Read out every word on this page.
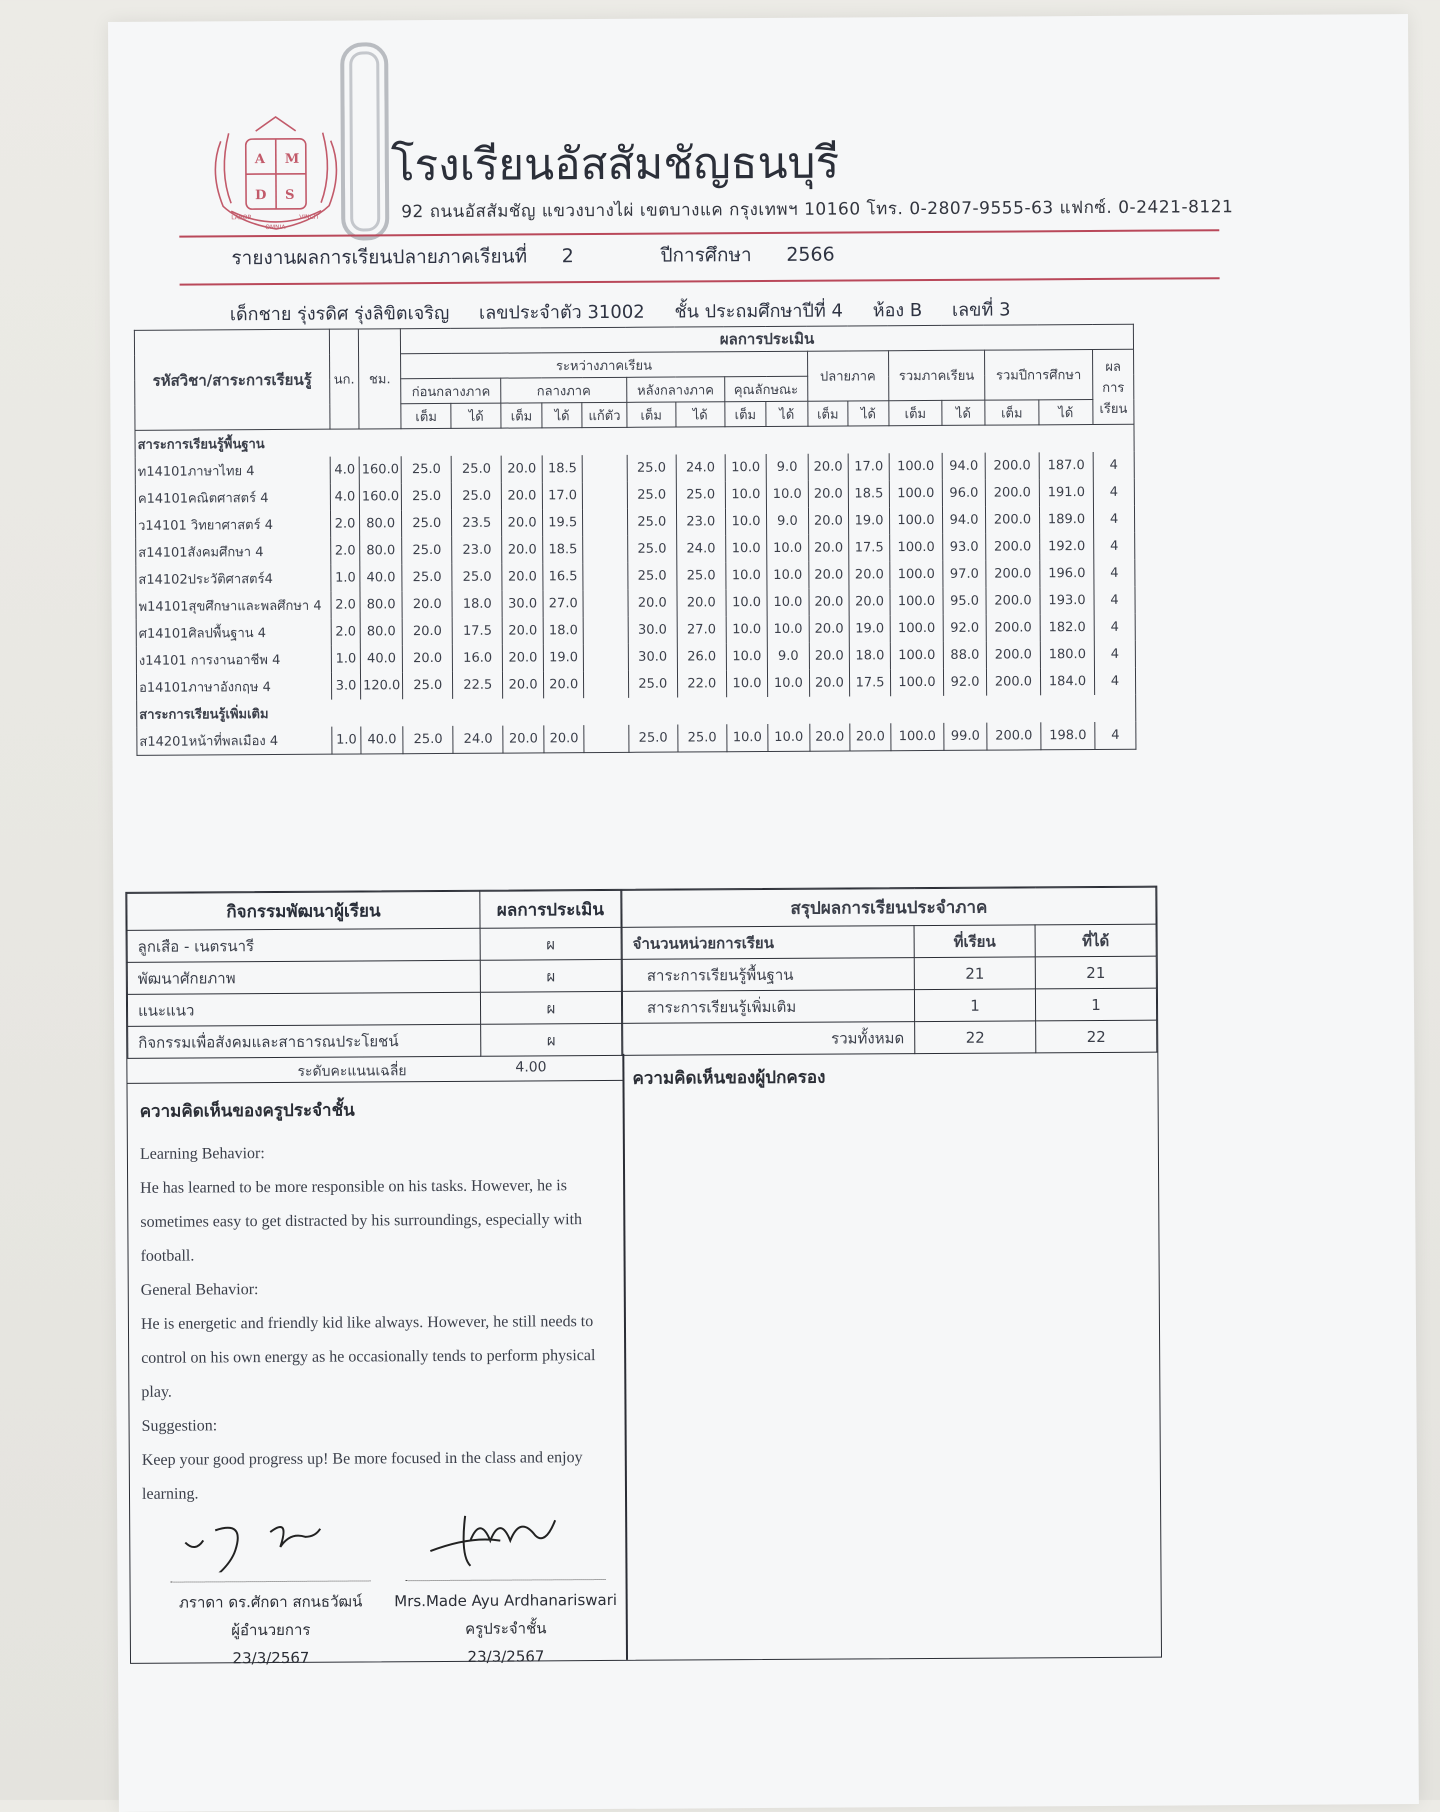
A M
D S
LABOR
OMNIA
VINCIT
โรงเรียนอัสสัมชัญธนบุรี
92 ถนนอัสสัมชัญ แขวงบางไผ่ เขตบางแค กรุงเทพฯ 10160 โทร. 0-2807-9555-63 แฟกซ์. 0-2421-8121
รายงานผลการเรียนปลายภาคเรียนที่ 2	ปีการศึกษา 2566
เด็กชาย รุ่งรดิศ รุ่งลิขิตเจริญ เลขประจำตัว 31002 ชั้น ประถมศึกษาปีที่ 4 ห้อง B เลขที่ 3
รหัสวิชา/สาระการเรียนรู้	นก.	ชม.	ผลการประเมิน															
			ระหว่างภาคเรียน									ปลายภาค		รวมภาคเรียน		รวมปีการศึกษา		ผลการเรียน
			ก่อนกลางภาค		กลางภาค			หลังกลางภาค		คุณลักษณะ								
			เต็ม	ได้	เต็ม	ได้	แก้ตัว	เต็ม	ได้	เต็ม	ได้	เต็ม	ได้	เต็ม	ได้	เต็ม	ได้	
สาระการเรียนรู้พื้นฐาน																		
ท14101ภาษาไทย 4	4.0	160.0	25.0	25.0	20.0	18.5		25.0	24.0	10.0	9.0	20.0	17.0	100.0	94.0	200.0	187.0	4
ค14101คณิตศาสตร์ 4	4.0	160.0	25.0	25.0	20.0	17.0		25.0	25.0	10.0	10.0	20.0	18.5	100.0	96.0	200.0	191.0	4
ว14101 วิทยาศาสตร์ 4	2.0	80.0	25.0	23.5	20.0	19.5		25.0	23.0	10.0	9.0	20.0	19.0	100.0	94.0	200.0	189.0	4
ส14101สังคมศึกษา 4	2.0	80.0	25.0	23.0	20.0	18.5		25.0	24.0	10.0	10.0	20.0	17.5	100.0	93.0	200.0	192.0	4
ส14102ประวัติศาสตร์4	1.0	40.0	25.0	25.0	20.0	16.5		25.0	25.0	10.0	10.0	20.0	20.0	100.0	97.0	200.0	196.0	4
พ14101สุขศึกษาและพลศึกษา 4	2.0	80.0	20.0	18.0	30.0	27.0		20.0	20.0	10.0	10.0	20.0	20.0	100.0	95.0	200.0	193.0	4
ศ14101ศิลปพื้นฐาน 4	2.0	80.0	20.0	17.5	20.0	18.0		30.0	27.0	10.0	10.0	20.0	19.0	100.0	92.0	200.0	182.0	4
ง14101 การงานอาชีพ 4	1.0	40.0	20.0	16.0	20.0	19.0		30.0	26.0	10.0	9.0	20.0	18.0	100.0	88.0	200.0	180.0	4
อ14101ภาษาอังกฤษ 4	3.0	120.0	25.0	22.5	20.0	20.0		25.0	22.0	10.0	10.0	20.0	17.5	100.0	92.0	200.0	184.0	4
สาระการเรียนรู้เพิ่มเติม																		
ส14201หน้าที่พลเมือง 4	1.0	40.0	25.0	24.0	20.0	20.0		25.0	25.0	10.0	10.0	20.0	20.0	100.0	99.0	200.0	198.0	4
กิจกรรมพัฒนาผู้เรียน	ผลการประเมิน
ลูกเสือ - เนตรนารี	ผ
พัฒนาศักยภาพ	ผ
แนะแนว	ผ
กิจกรรมเพื่อสังคมและสาธารณประโยชน์	ผ
สรุปผลการเรียนประจำภาค		
จำนวนหน่วยการเรียน	ที่เรียน	ที่ได้
สาระการเรียนรู้พื้นฐาน	21	21
สาระการเรียนรู้เพิ่มเติม	1	1
รวมทั้งหมด	22	22
ระดับคะแนนเฉลี่ย	4.00
ความคิดเห็นของครูประจำชั้น
ความคิดเห็นของผู้ปกครอง

Learning Behavior:

He has learned to be more responsible on his tasks. However, he is

sometimes easy to get distracted by his surroundings, especially with

football.

General Behavior:

He is energetic and friendly kid like always. However, he still needs to

control on his own energy as he occasionally tends to perform physical

play.

Suggestion:

Keep your good progress up! Be more focused in the class and enjoy

learning.

ภราดา ดร.ศักดา สกนธวัฒน์
ผู้อำนวยการ
23/3/2567
Mrs.Made Ayu Ardhanariswari
ครูประจำชั้น
23/3/2567
